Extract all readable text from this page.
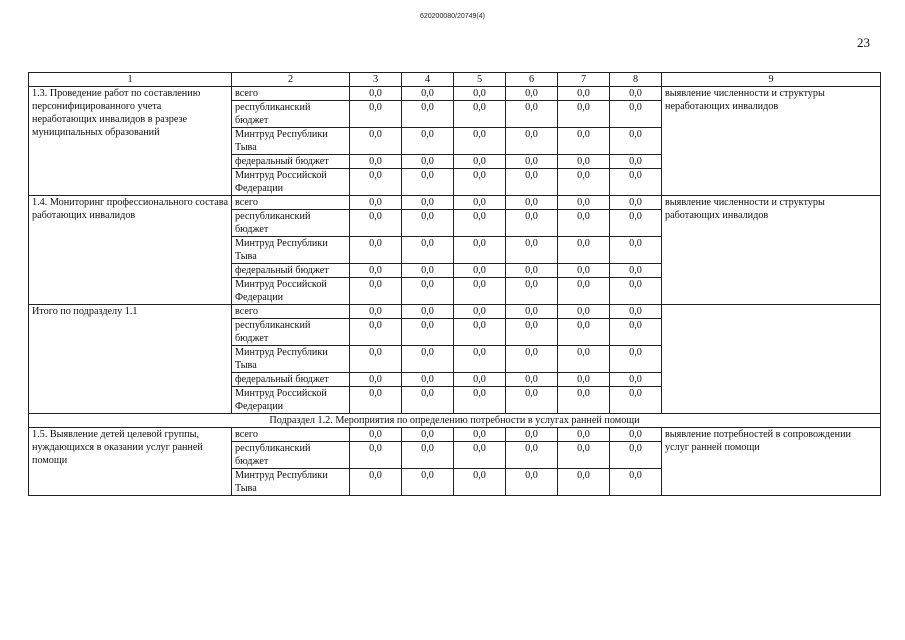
620200080/20749(4)
23
1	2	3	4	5	6	7	8	9
1.3. Проведение работ по составлению персонифицированного учета неработающих инвалидов в разрезе муниципальных образований	всего	0,0	0,0	0,0	0,0	0,0	0,0	выявление численности и структуры неработающих инвалидов
	республиканский бюджет	0,0	0,0	0,0	0,0	0,0	0,0	
	Минтруд Республики Тыва	0,0	0,0	0,0	0,0	0,0	0,0	
	федеральный бюджет	0,0	0,0	0,0	0,0	0,0	0,0	
	Минтруд Российской Федерации	0,0	0,0	0,0	0,0	0,0	0,0	
1.4. Мониторинг профессионального состава работающих инвалидов	всего	0,0	0,0	0,0	0,0	0,0	0,0	выявление численности и структуры работающих инвалидов
	республиканский бюджет	0,0	0,0	0,0	0,0	0,0	0,0	
	Минтруд Республики Тыва	0,0	0,0	0,0	0,0	0,0	0,0	
	федеральный бюджет	0,0	0,0	0,0	0,0	0,0	0,0	
	Минтруд Российской Федерации	0,0	0,0	0,0	0,0	0,0	0,0	
Итого по подразделу 1.1	всего	0,0	0,0	0,0	0,0	0,0	0,0	
	республиканский бюджет	0,0	0,0	0,0	0,0	0,0	0,0	
	Минтруд Республики Тыва	0,0	0,0	0,0	0,0	0,0	0,0	
	федеральный бюджет	0,0	0,0	0,0	0,0	0,0	0,0	
	Минтруд Российской Федерации	0,0	0,0	0,0	0,0	0,0	0,0	
Подраздел 1.2. Мероприятия по определению потребности в услугах ранней помощи								
1.5. Выявление детей целевой группы, нуждающихся в оказании услуг ранней помощи	всего	0,0	0,0	0,0	0,0	0,0	0,0	выявление потребностей в сопровождении услуг ранней помощи
	республиканский бюджет	0,0	0,0	0,0	0,0	0,0	0,0	
	Минтруд Республики Тыва	0,0	0,0	0,0	0,0	0,0	0,0	
